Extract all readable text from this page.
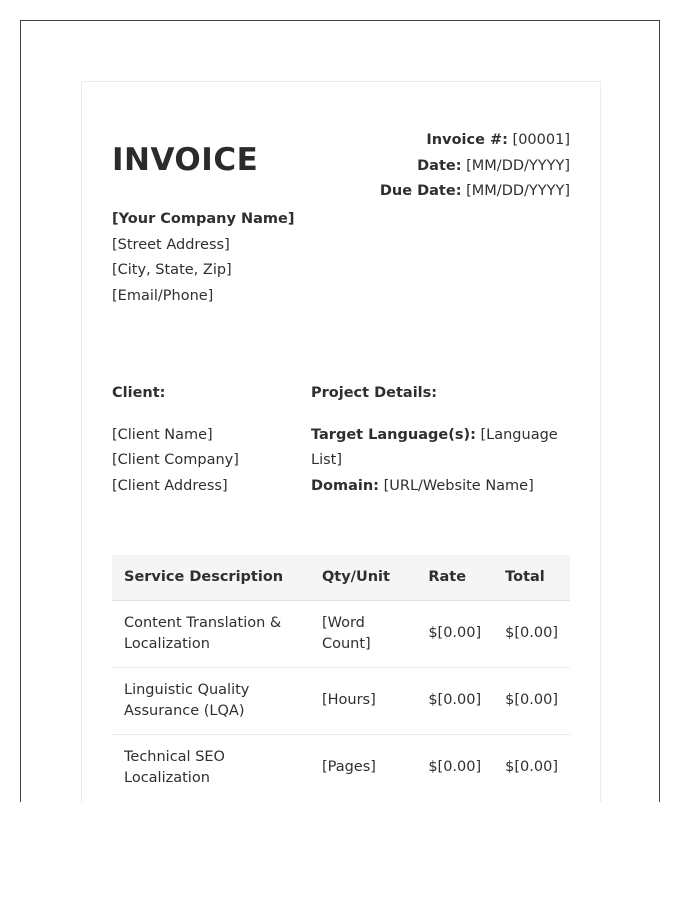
INVOICE
Invoice #: [00001]
Date: [MM/DD/YYYY]
Due Date: [MM/DD/YYYY]
[Your Company Name]
[Street Address]
[City, State, Zip]
[Email/Phone]
Client:
[Client Name]
[Client Company]
[Client Address]
Project Details:
Target Language(s): [Language List]
Domain: [URL/Website Name]
Service Description	Qty/Unit	Rate	Total
Content Translation & Localization	[Word Count]	$[0.00]	$[0.00]
Linguistic Quality Assurance (LQA)	[Hours]	$[0.00]	$[0.00]
Technical SEO Localization	[Pages]	$[0.00]	$[0.00]
